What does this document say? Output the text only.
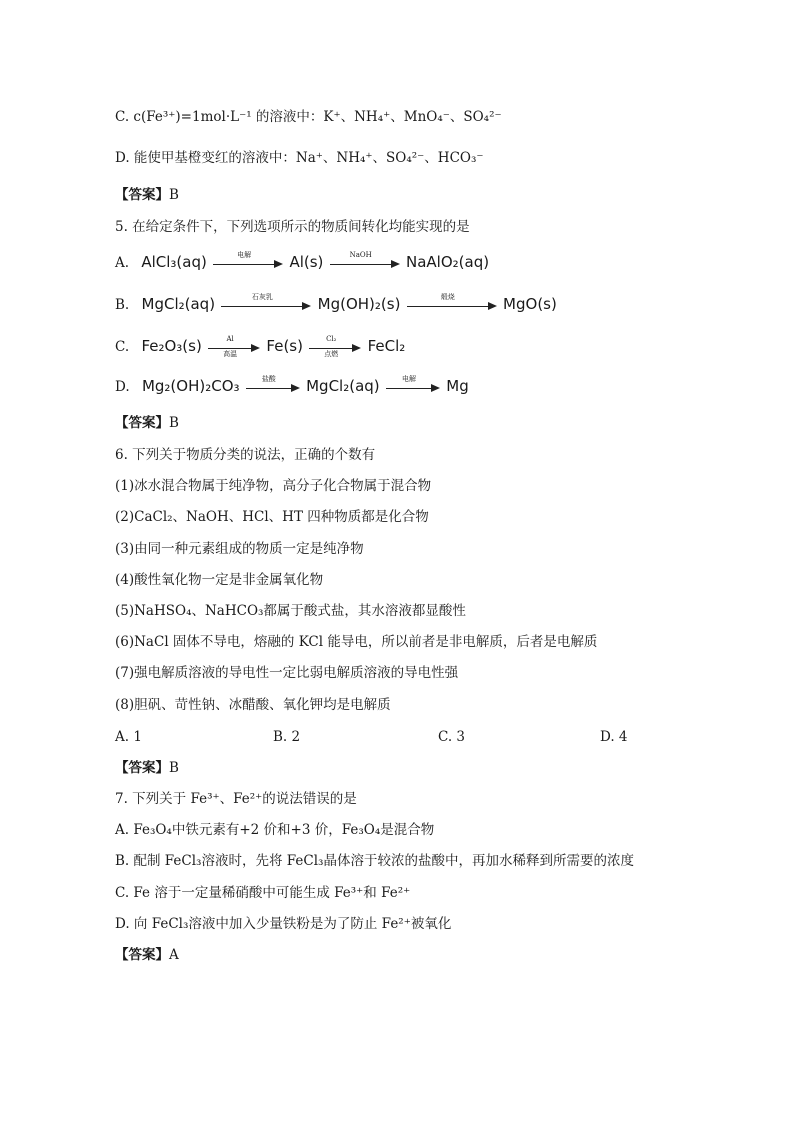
C. c(Fe³⁺)=1mol·L⁻¹ 的溶液中：K⁺、NH₄⁺、MnO₄⁻、SO₄²⁻
D. 能使甲基橙变红的溶液中：Na⁺、NH₄⁺、SO₄²⁻、HCO₃⁻
【答案】B
5. 在给定条件下，下列选项所示的物质间转化均能实现的是
A. AlCl₃(aq)	电解	Al(s)	NaOH	NaAlO₂(aq)
B. MgCl₂(aq)	石灰乳	Mg(OH)₂(s)	煅烧	MgO(s)
C. Fe₂O₃(s)	Al
高温	Fe(s)	Cl₂
点燃	FeCl₂
D. Mg₂(OH)₂CO₃	盐酸	MgCl₂(aq)	电解	Mg
【答案】B
6. 下列关于物质分类的说法，正确的个数有
(1)冰水混合物属于纯净物，高分子化合物属于混合物
(2)CaCl₂、NaOH、HCl、HT 四种物质都是化合物
(3)由同一种元素组成的物质一定是纯净物
(4)酸性氧化物一定是非金属氧化物
(5)NaHSO₄、NaHCO₃都属于酸式盐，其水溶液都显酸性
(6)NaCl 固体不导电，熔融的 KCl 能导电，所以前者是非电解质，后者是电解质
(7)强电解质溶液的导电性一定比弱电解质溶液的导电性强
(8)胆矾、苛性钠、冰醋酸、氧化钾均是电解质
A. 1	B. 2	C. 3	D. 4
【答案】B
7. 下列关于 Fe³⁺、Fe²⁺的说法错误的是
A. Fe₃O₄中铁元素有+2 价和+3 价，Fe₃O₄是混合物
B. 配制 FeCl₃溶液时，先将 FeCl₃晶体溶于较浓的盐酸中，再加水稀释到所需要的浓度
C. Fe 溶于一定量稀硝酸中可能生成 Fe³⁺和 Fe²⁺
D. 向 FeCl₃溶液中加入少量铁粉是为了防止 Fe²⁺被氧化
【答案】A
